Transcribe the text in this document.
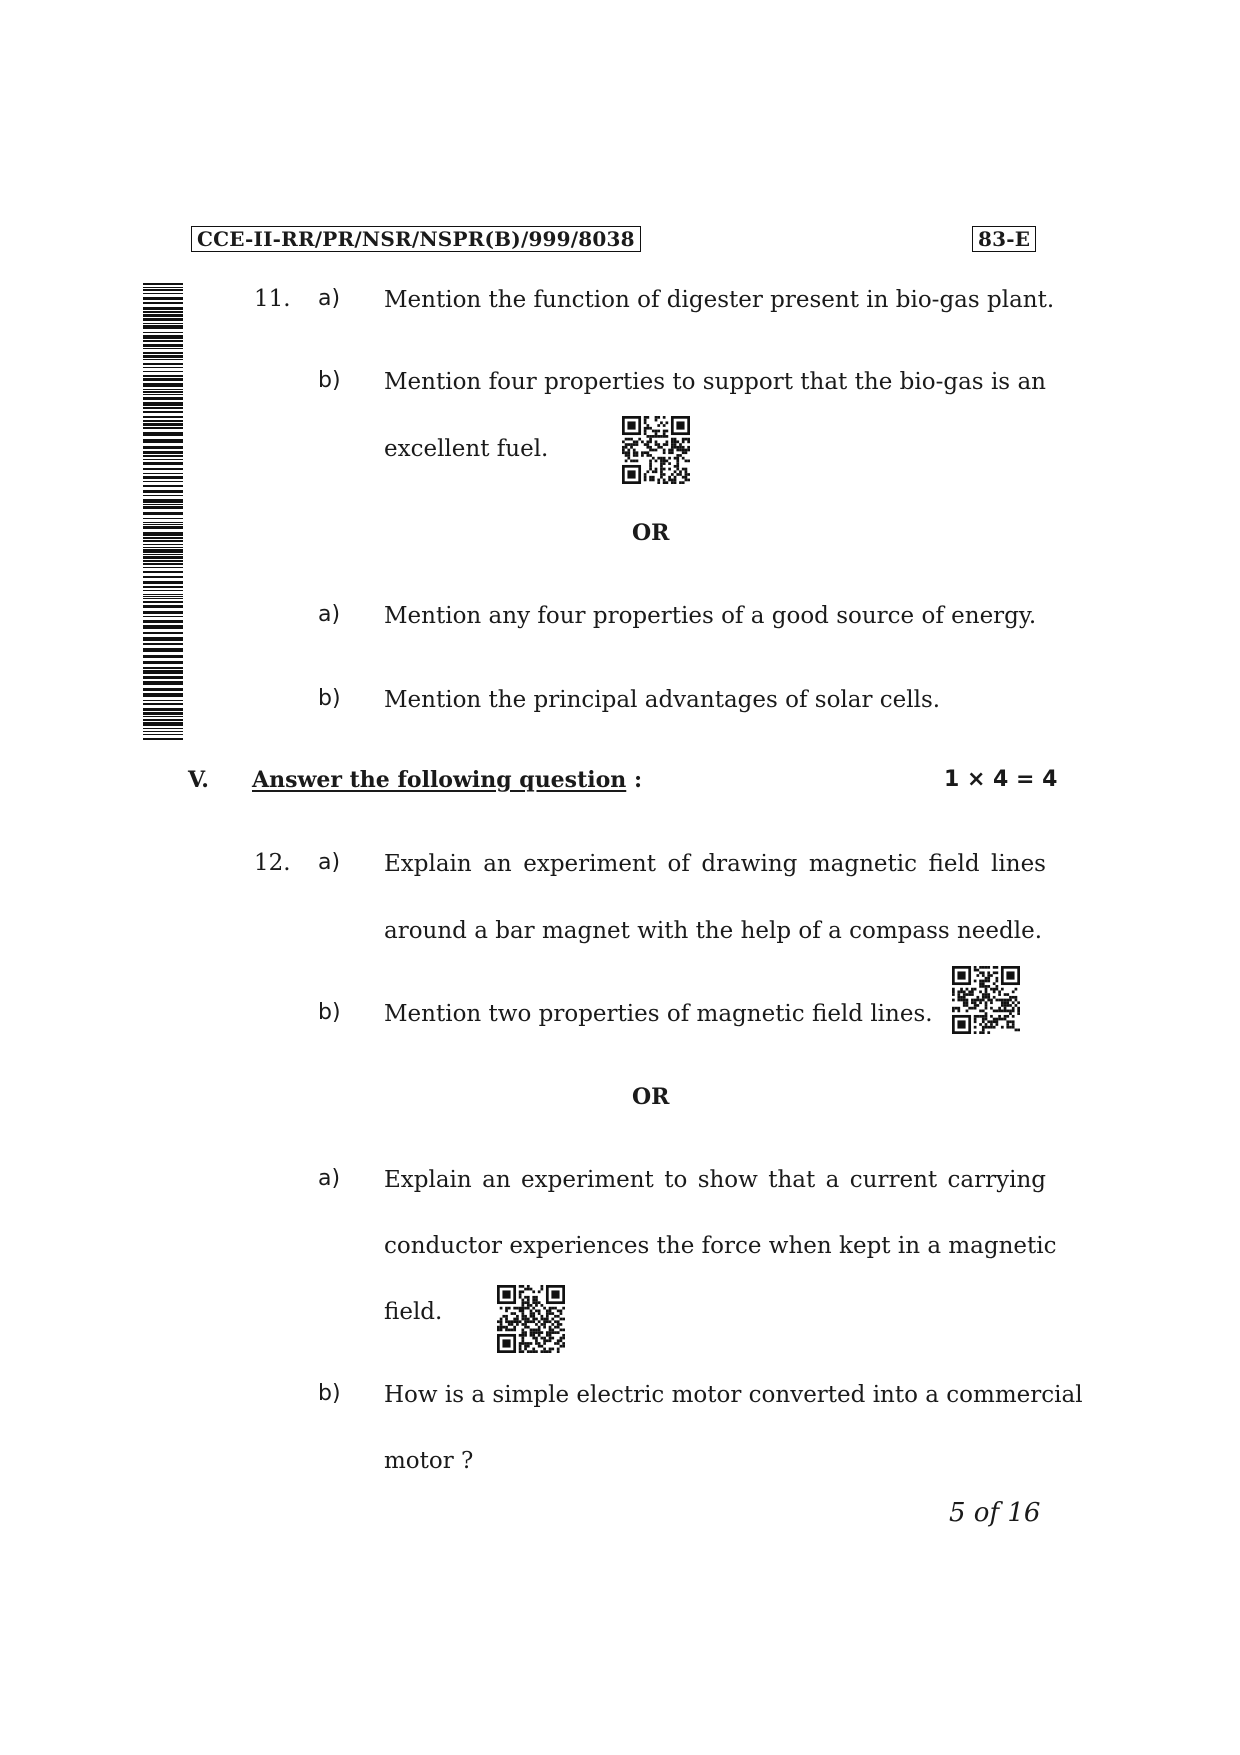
CCE-II-RR/PR/NSR/NSPR(B)/999/8038	83-E
11. a) Mention the function of digester present in bio-gas plant.
b) Mention four properties to support that the bio-gas is an
excellent fuel.
OR
a) Mention any four properties of a good source of energy.
b) Mention the principal advantages of solar cells.
V. Answer the following question :	1 × 4 = 4
12. a) Explain an experiment of drawing magnetic field lines
around a bar magnet with the help of a compass needle.
b) Mention two properties of magnetic field lines.
OR
a) Explain an experiment to show that a current carrying
conductor experiences the force when kept in a magnetic
field.
b) How is a simple electric motor converted into a commercial
motor ?
5 of 16
